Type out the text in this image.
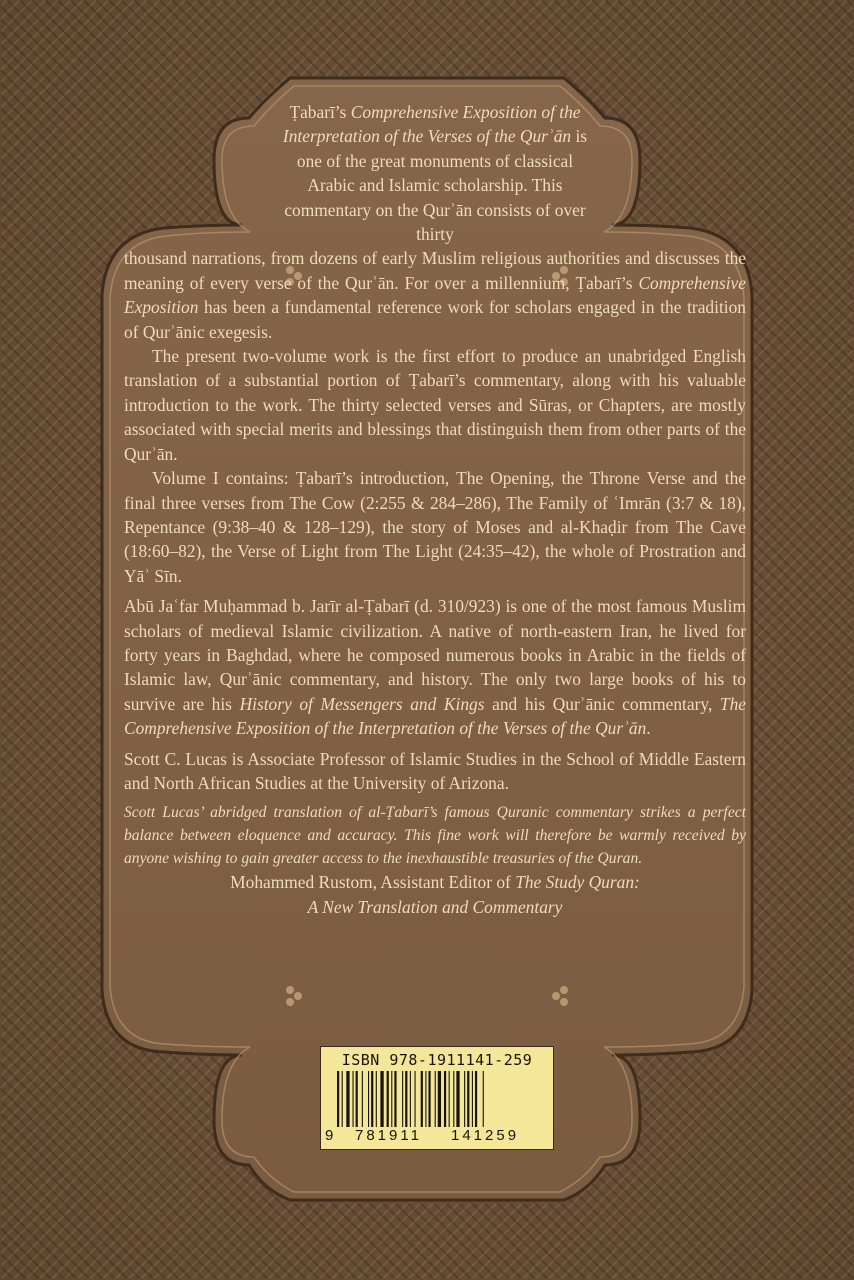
Ṭabarī’s Comprehensive Exposition of the Interpretation of the Verses of the Qurʾān is one of the great monuments of classical Arabic and Islamic scholarship. This commentary on the Qurʾān consists of over thirty
thousand narrations, from dozens of early Muslim religious authorities and discusses the meaning of every verse of the Qurʾān. For over a millennium, Ṭabarī’s Comprehensive Exposition has been a fundamental reference work for scholars engaged in the tradition of Qurʾānic exegesis.

The present two-volume work is the first effort to produce an unabridged English translation of a substantial portion of Ṭabarī’s commentary, along with his valuable introduction to the work. The thirty selected verses and Sūras, or Chapters, are mostly associated with special merits and blessings that distinguish them from other parts of the Qurʾān.

Volume I contains: Ṭabarī’s introduction, The Opening, the Throne Verse and the final three verses from The Cow (2:255 & 284–286), The Family of ʿImrān (3:7 & 18), Repentance (9:38–40 & 128–129), the story of Moses and al-Khaḍir from The Cave (18:60–82), the Verse of Light from The Light (24:35–42), the whole of Prostration and Yāʾ Sīn.

Abū Jaʿfar Muḥammad b. Jarīr al-Ṭabarī (d. 310/923) is one of the most famous Muslim scholars of medieval Islamic civilization. A native of north-eastern Iran, he lived for forty years in Baghdad, where he composed numerous books in Arabic in the fields of Islamic law, Qurʾānic commentary, and history. The only two large books of his to survive are his History of Messengers and Kings and his Qurʾānic commentary, The Comprehensive Exposition of the Interpretation of the Verses of the Qurʾān.

Scott C. Lucas is Associate Professor of Islamic Studies in the School of Middle Eastern and North African Studies at the University of Arizona.

Scott Lucas’ abridged translation of al-Ṭabarī’s famous Quranic commentary strikes a perfect balance between eloquence and accuracy. This fine work will therefore be warmly received by anyone wishing to gain greater access to the inexhaustible treasuries of the Quran.

Mohammed Rustom, Assistant Editor of The Study Quran:

A New Translation and Commentary

ISBN 978-1911141-259
9 781911 141259
